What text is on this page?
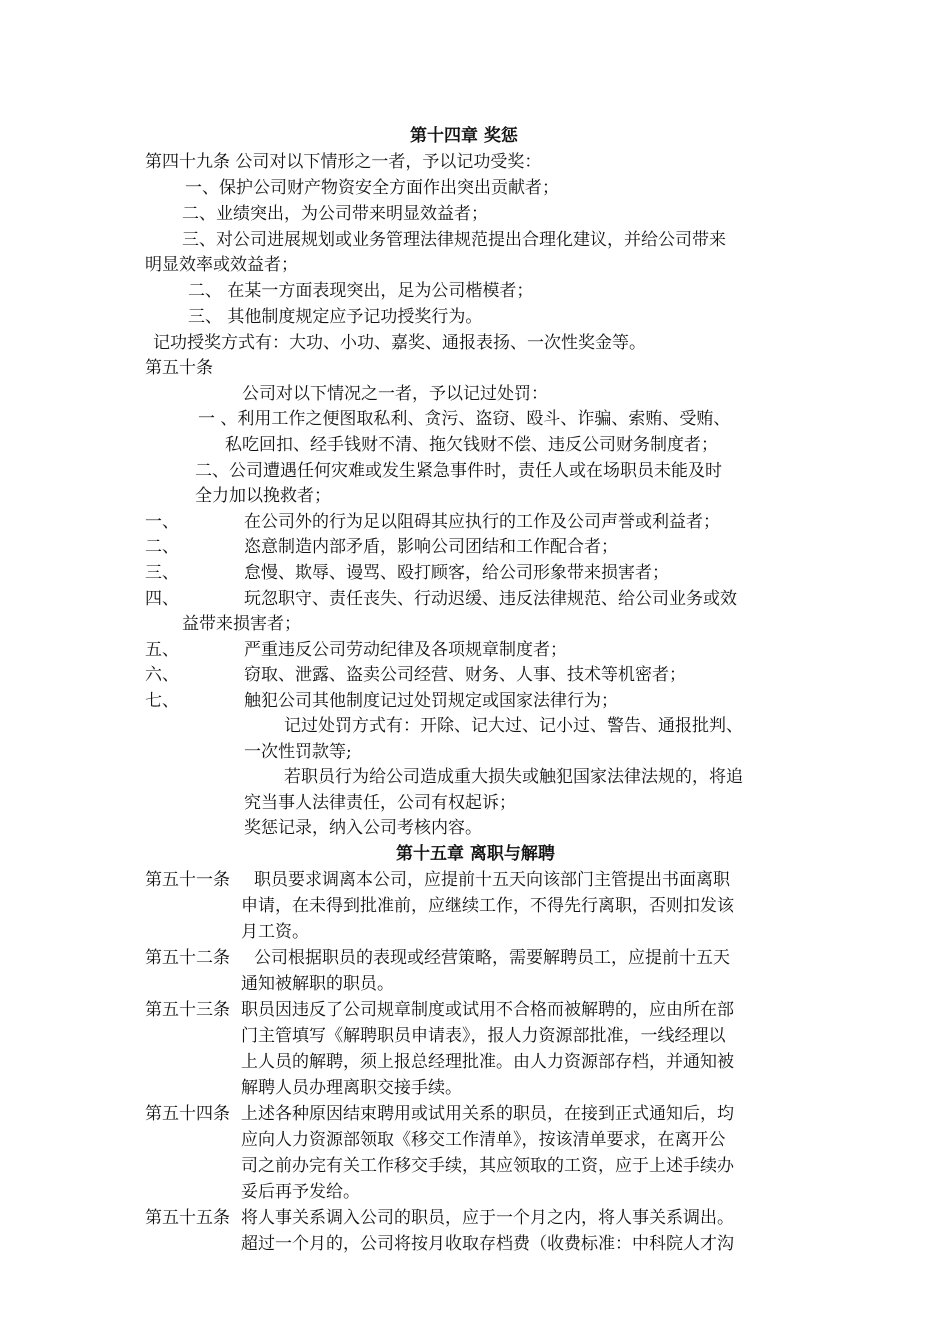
第十四章 奖惩
第四十九条 公司对以下情形之一者，予以记功受奖：
一、保护公司财产物资安全方面作出突出贡献者；
二、业绩突出，为公司带来明显效益者；
三、对公司进展规划或业务管理法律规范提出合理化建议，并给公司带来
明显效率或效益者；
二、 在某一方面表现突出，足为公司楷模者；
三、 其他制度规定应予记功授奖行为。
记功授奖方式有：大功、小功、嘉奖、通报表扬、一次性奖金等。
第五十条
公司对以下情况之一者，予以记过处罚：
一 、利用工作之便图取私利、贪污、盗窃、殴斗、诈骗、索贿、受贿、
私吃回扣、经手钱财不清、拖欠钱财不偿、违反公司财务制度者；
二、公司遭遇任何灾难或发生紧急事件时，责任人或在场职员未能及时
全力加以挽救者；
一、	在公司外的行为足以阻碍其应执行的工作及公司声誉或利益者；
二、	恣意制造内部矛盾，影响公司团结和工作配合者；
三、	怠慢、欺辱、谩骂、殴打顾客，给公司形象带来损害者；
四、	玩忽职守、责任丧失、行动迟缓、违反法律规范、给公司业务或效
益带来损害者；
五、	严重违反公司劳动纪律及各项规章制度者；
六、	窃取、泄露、盗卖公司经营、财务、人事、技术等机密者；
七、	触犯公司其他制度记过处罚规定或国家法律行为；
记过处罚方式有：开除、记大过、记小过、警告、通报批判、
一次性罚款等;
若职员行为给公司造成重大损失或触犯国家法律法规的，将追
究当事人法律责任，公司有权起诉；
奖惩记录，纳入公司考核内容。
第十五章 离职与解聘
第五十一条 职员要求调离本公司，应提前十五天向该部门主管提出书面离职
申请，在未得到批准前，应继续工作，不得先行离职，否则扣发该
月工资。
第五十二条 公司根据职员的表现或经营策略，需要解聘员工，应提前十五天
通知被解职的职员。
第五十三条 职员因违反了公司规章制度或试用不合格而被解聘的，应由所在部
门主管填写《解聘职员申请表》，报人力资源部批准，一线经理以
上人员的解聘，须上报总经理批准。由人力资源部存档，并通知被
解聘人员办理离职交接手续。
第五十四条 上述各种原因结束聘用或试用关系的职员，在接到正式通知后，均
应向人力资源部领取《移交工作清单》，按该清单要求，在离开公
司之前办完有关工作移交手续，其应领取的工资，应于上述手续办
妥后再予发给。
第五十五条 将人事关系调入公司的职员，应于一个月之内，将人事关系调出。
超过一个月的，公司将按月收取存档费（收费标准：中科院人才沟
